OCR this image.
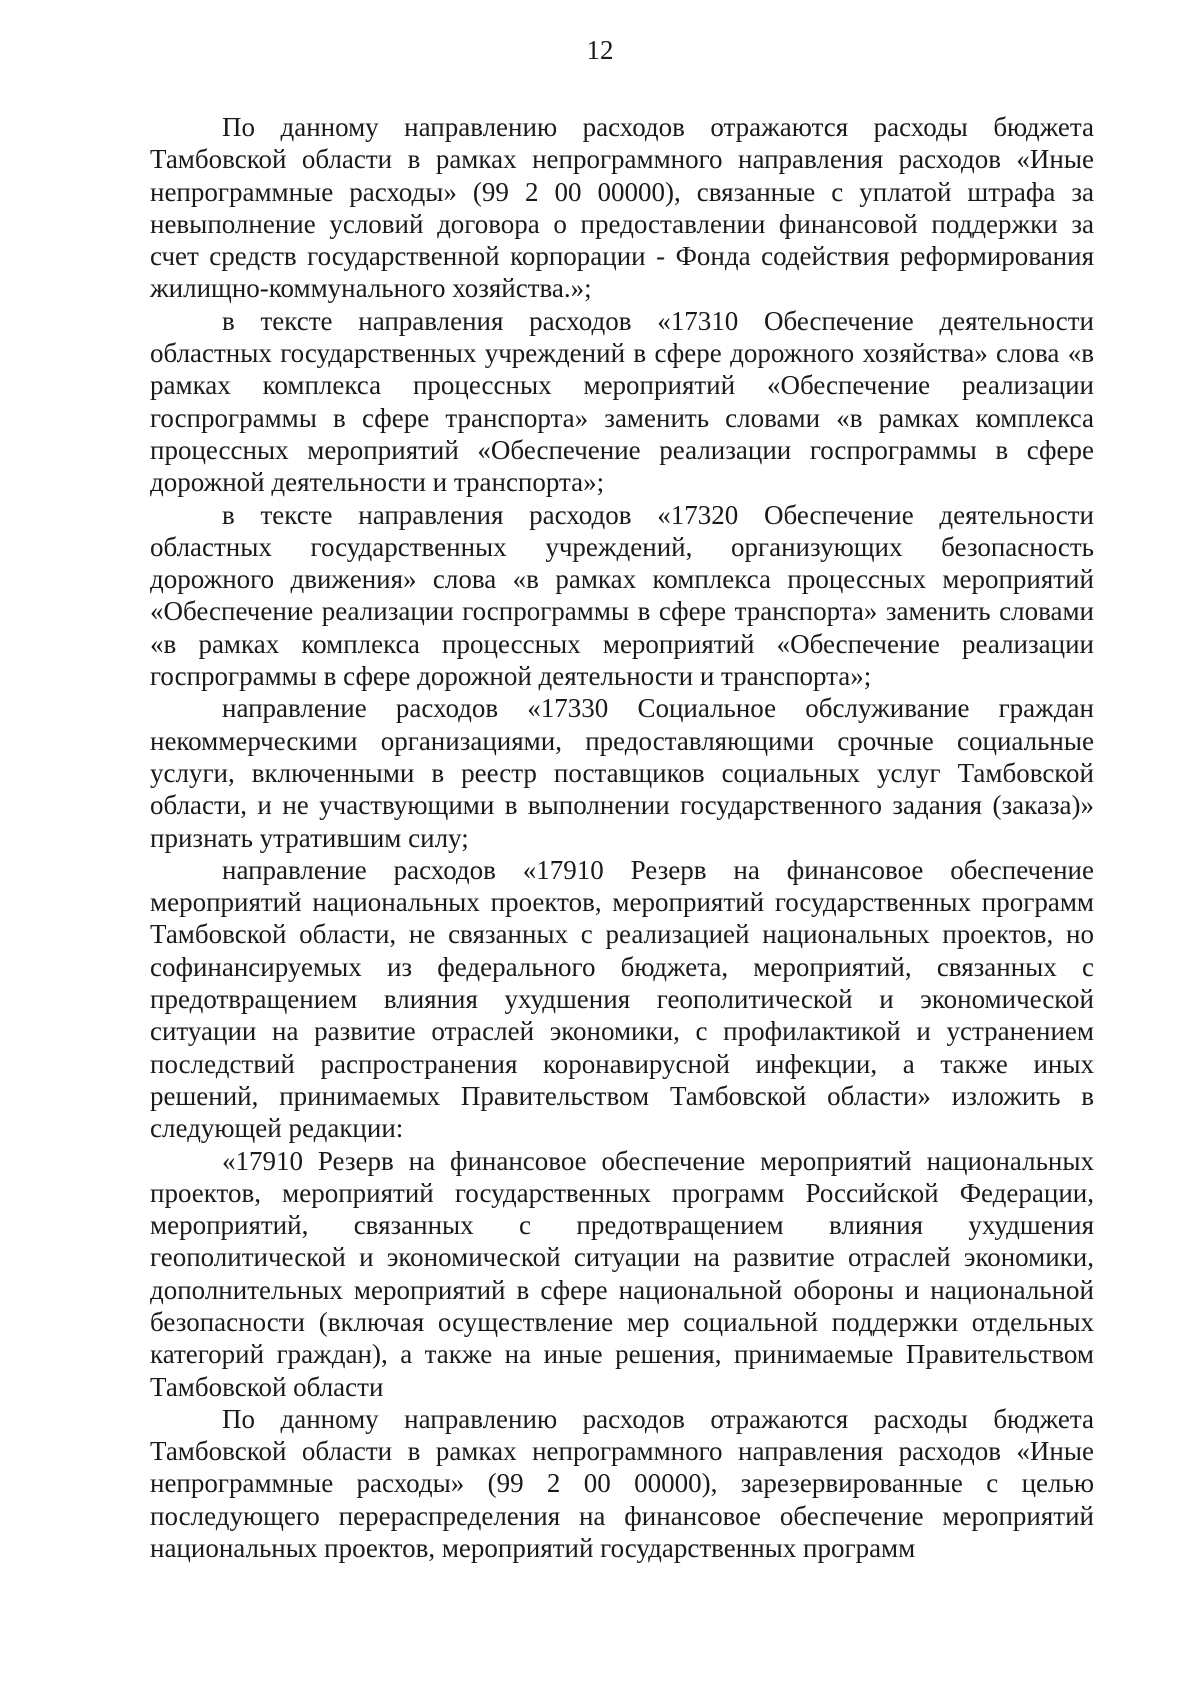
12

По данному направлению расходов отражаются расходы бюджета Тамбовской области в рамках непрограммного направления расходов «Иные непрограммные расходы» (99 2 00 00000), связанные с уплатой штрафа за невыполнение условий договора о предоставлении финансовой поддержки за счет средств государственной корпорации - Фонда содействия реформирования жилищно-коммунального хозяйства.»;

в тексте направления расходов «17310 Обеспечение деятельности областных государственных учреждений в сфере дорожного хозяйства» слова «в рамках комплекса процессных мероприятий «Обеспечение реализации госпрограммы в сфере транспорта» заменить словами «в рамках комплекса процессных мероприятий «Обеспечение реализации госпрограммы в сфере дорожной деятельности и транспорта»;

в тексте направления расходов «17320 Обеспечение деятельности областных государственных учреждений, организующих безопасность дорожного движения» слова «в рамках комплекса процессных мероприятий «Обеспечение реализации госпрограммы в сфере транспорта» заменить словами «в рамках комплекса процессных мероприятий «Обеспечение реализации госпрограммы в сфере дорожной деятельности и транспорта»;

направление расходов «17330 Социальное обслуживание граждан некоммерческими организациями, предоставляющими срочные социальные услуги, включенными в реестр поставщиков социальных услуг Тамбовской области, и не участвующими в выполнении государственного задания (заказа)» признать утратившим силу;

направление расходов «17910 Резерв на финансовое обеспечение мероприятий национальных проектов, мероприятий государственных программ Тамбовской области, не связанных с реализацией национальных проектов, но софинансируемых из федерального бюджета, мероприятий, связанных с предотвращением влияния ухудшения геополитической и экономической ситуации на развитие отраслей экономики, с профилактикой и устранением последствий распространения коронавирусной инфекции, а также иных решений, принимаемых Правительством Тамбовской области» изложить в следующей редакции:

«17910 Резерв на финансовое обеспечение мероприятий национальных проектов, мероприятий государственных программ Российской Федерации, мероприятий, связанных с предотвращением влияния ухудшения геополитической и экономической ситуации на развитие отраслей экономики, дополнительных мероприятий в сфере национальной обороны и национальной безопасности (включая осуществление мер социальной поддержки отдельных категорий граждан), а также на иные решения, принимаемые Правительством Тамбовской области

По данному направлению расходов отражаются расходы бюджета Тамбовской области в рамках непрограммного направления расходов «Иные непрограммные расходы» (99 2 00 00000), зарезервированные с целью последующего перераспределения на финансовое обеспечение мероприятий национальных проектов, мероприятий государственных программ
